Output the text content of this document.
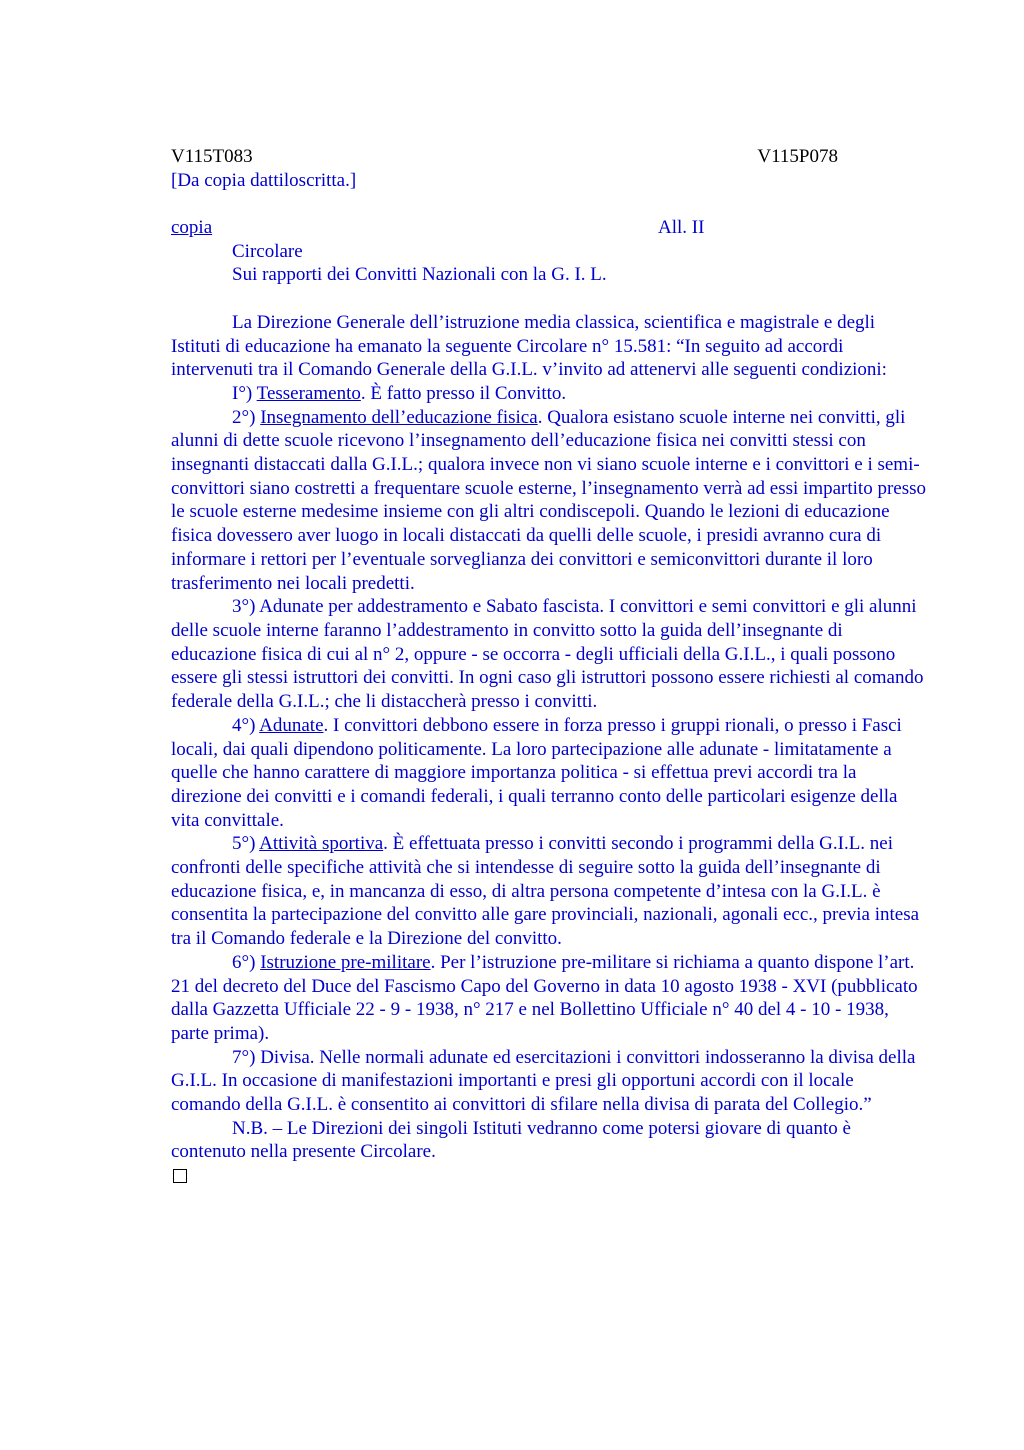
V115T083	V115P078
[Da copia dattiloscritta.]
copia	All. II
Circolare
Sui rapporti dei Convitti Nazionali con la G. I. L.

La Direzione Generale dell’istruzione media classica, scientifica e magistrale e degli Istituti di educazione ha emanato la seguente Circolare n° 15.581: “In seguito ad accordi intervenuti tra il Comando Generale della G.I.L. v’invito ad attenervi alle seguenti condizioni:

I°) Tesseramento. È fatto presso il Convitto.

2°) Insegnamento dell’educazione fisica. Qualora esistano scuole interne nei convitti, gli alunni di dette scuole ricevono l’insegnamento dell’educazione fisica nei convitti stessi con insegnanti distaccati dalla G.I.L.; qualora invece non vi siano scuole interne e i convittori e i semi-convittori siano costretti a frequentare scuole esterne, l’insegnamento verrà ad essi impartito presso le scuole esterne medesime insieme con gli altri condiscepoli. Quando le lezioni di educazione fisica dovessero aver luogo in locali distaccati da quelli delle scuole, i presidi avranno cura di informare i rettori per l’eventuale sorveglianza dei convittori e semiconvittori durante il loro trasferimento nei locali predetti.

3°) Adunate per addestramento e Sabato fascista. I convittori e semi convittori e gli alunni delle scuole interne faranno l’addestramento in convitto sotto la guida dell’insegnante di educazione fisica di cui al n° 2, oppure - se occorra - degli ufficiali della G.I.L., i quali possono essere gli stessi istruttori dei convitti. In ogni caso gli istruttori possono essere richiesti al comando federale della G.I.L.; che li distaccherà presso i convitti.

4°) Adunate. I convittori debbono essere in forza presso i gruppi rionali, o presso i Fasci locali, dai quali dipendono politicamente. La loro partecipazione alle adunate - limitatamente a quelle che hanno carattere di maggiore importanza politica - si effettua previ accordi tra la direzione dei convitti e i comandi federali, i quali terranno conto delle particolari esigenze della vita convittale.

5°) Attività sportiva. È effettuata presso i convitti secondo i programmi della G.I.L. nei confronti delle specifiche attività che si intendesse di seguire sotto la guida dell’insegnante di educazione fisica, e, in mancanza di esso, di altra persona competente d’intesa con la G.I.L. è consentita la partecipazione del convitto alle gare provinciali, nazionali, agonali ecc., previa intesa tra il Comando federale e la Direzione del convitto.

6°) Istruzione pre-militare. Per l’istruzione pre-militare si richiama a quanto dispone l’art. 21 del decreto del Duce del Fascismo Capo del Governo in data 10 agosto 1938 - XVI (pubblicato dalla Gazzetta Ufficiale 22 - 9 - 1938, n° 217 e nel Bollettino Ufficiale n° 40 del 4 - 10 - 1938, parte prima).

7°) Divisa. Nelle normali adunate ed esercitazioni i convittori indosseranno la divisa della G.I.L. In occasione di manifestazioni importanti e presi gli opportuni accordi con il locale comando della G.I.L. è consentito ai convittori di sfilare nella divisa di parata del Collegio.”

N.B. – Le Direzioni dei singoli Istituti vedranno come potersi giovare di quanto è contenuto nella presente Circolare.
